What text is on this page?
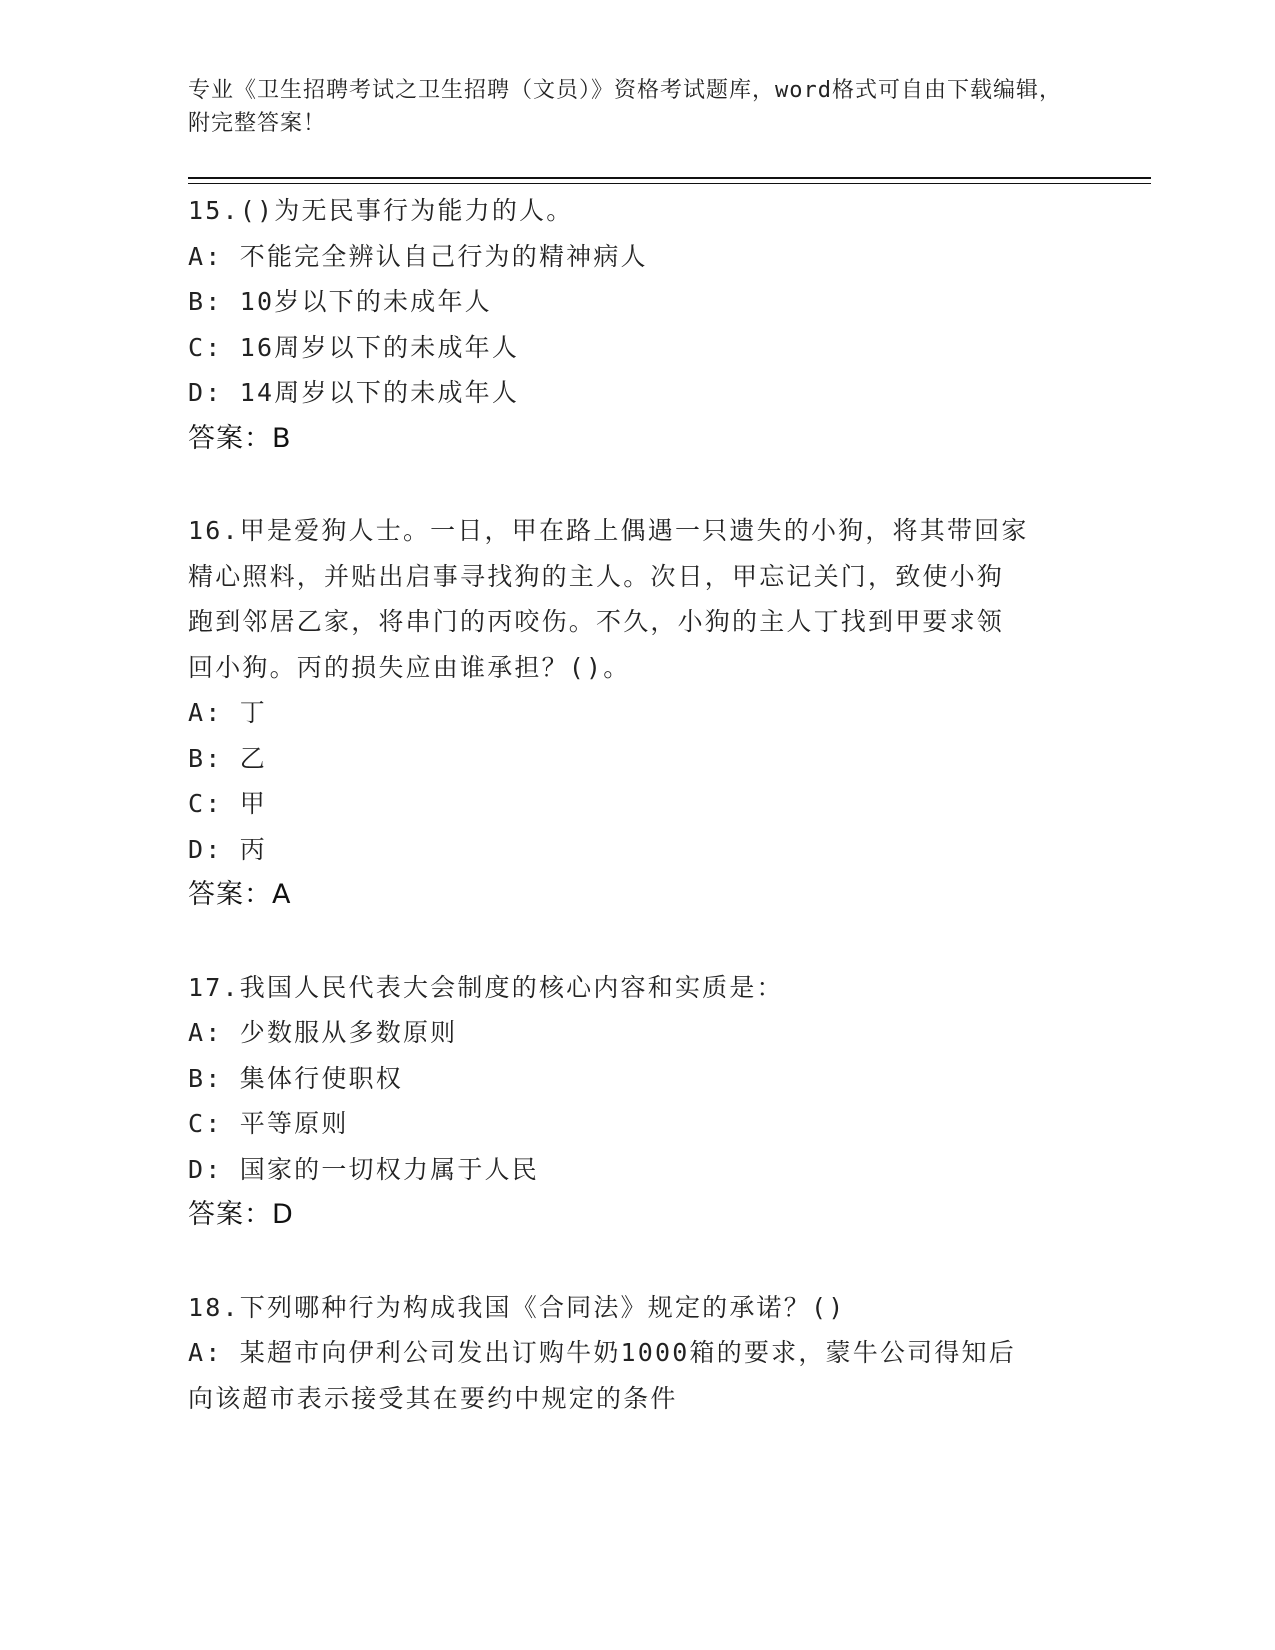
专业《卫生招聘考试之卫生招聘（文员）》资格考试题库，word格式可自由下载编辑，附完整答案！

15.()为无民事行为能力的人。

A: 不能完全辨认自己行为的精神病人

B: 10岁以下的未成年人

C: 16周岁以下的未成年人

D: 14周岁以下的未成年人

答案：B

16.甲是爱狗人士。一日，甲在路上偶遇一只遗失的小狗，将其带回家

精心照料，并贴出启事寻找狗的主人。次日，甲忘记关门，致使小狗

跑到邻居乙家，将串门的丙咬伤。不久，小狗的主人丁找到甲要求领

回小狗。丙的损失应由谁承担？()。

A: 丁

B: 乙

C: 甲

D: 丙

答案：A

17.我国人民代表大会制度的核心内容和实质是：

A: 少数服从多数原则

B: 集体行使职权

C: 平等原则

D: 国家的一切权力属于人民

答案：D

18.下列哪种行为构成我国《合同法》规定的承诺？()

A: 某超市向伊利公司发出订购牛奶1000箱的要求，蒙牛公司得知后

向该超市表示接受其在要约中规定的条件
